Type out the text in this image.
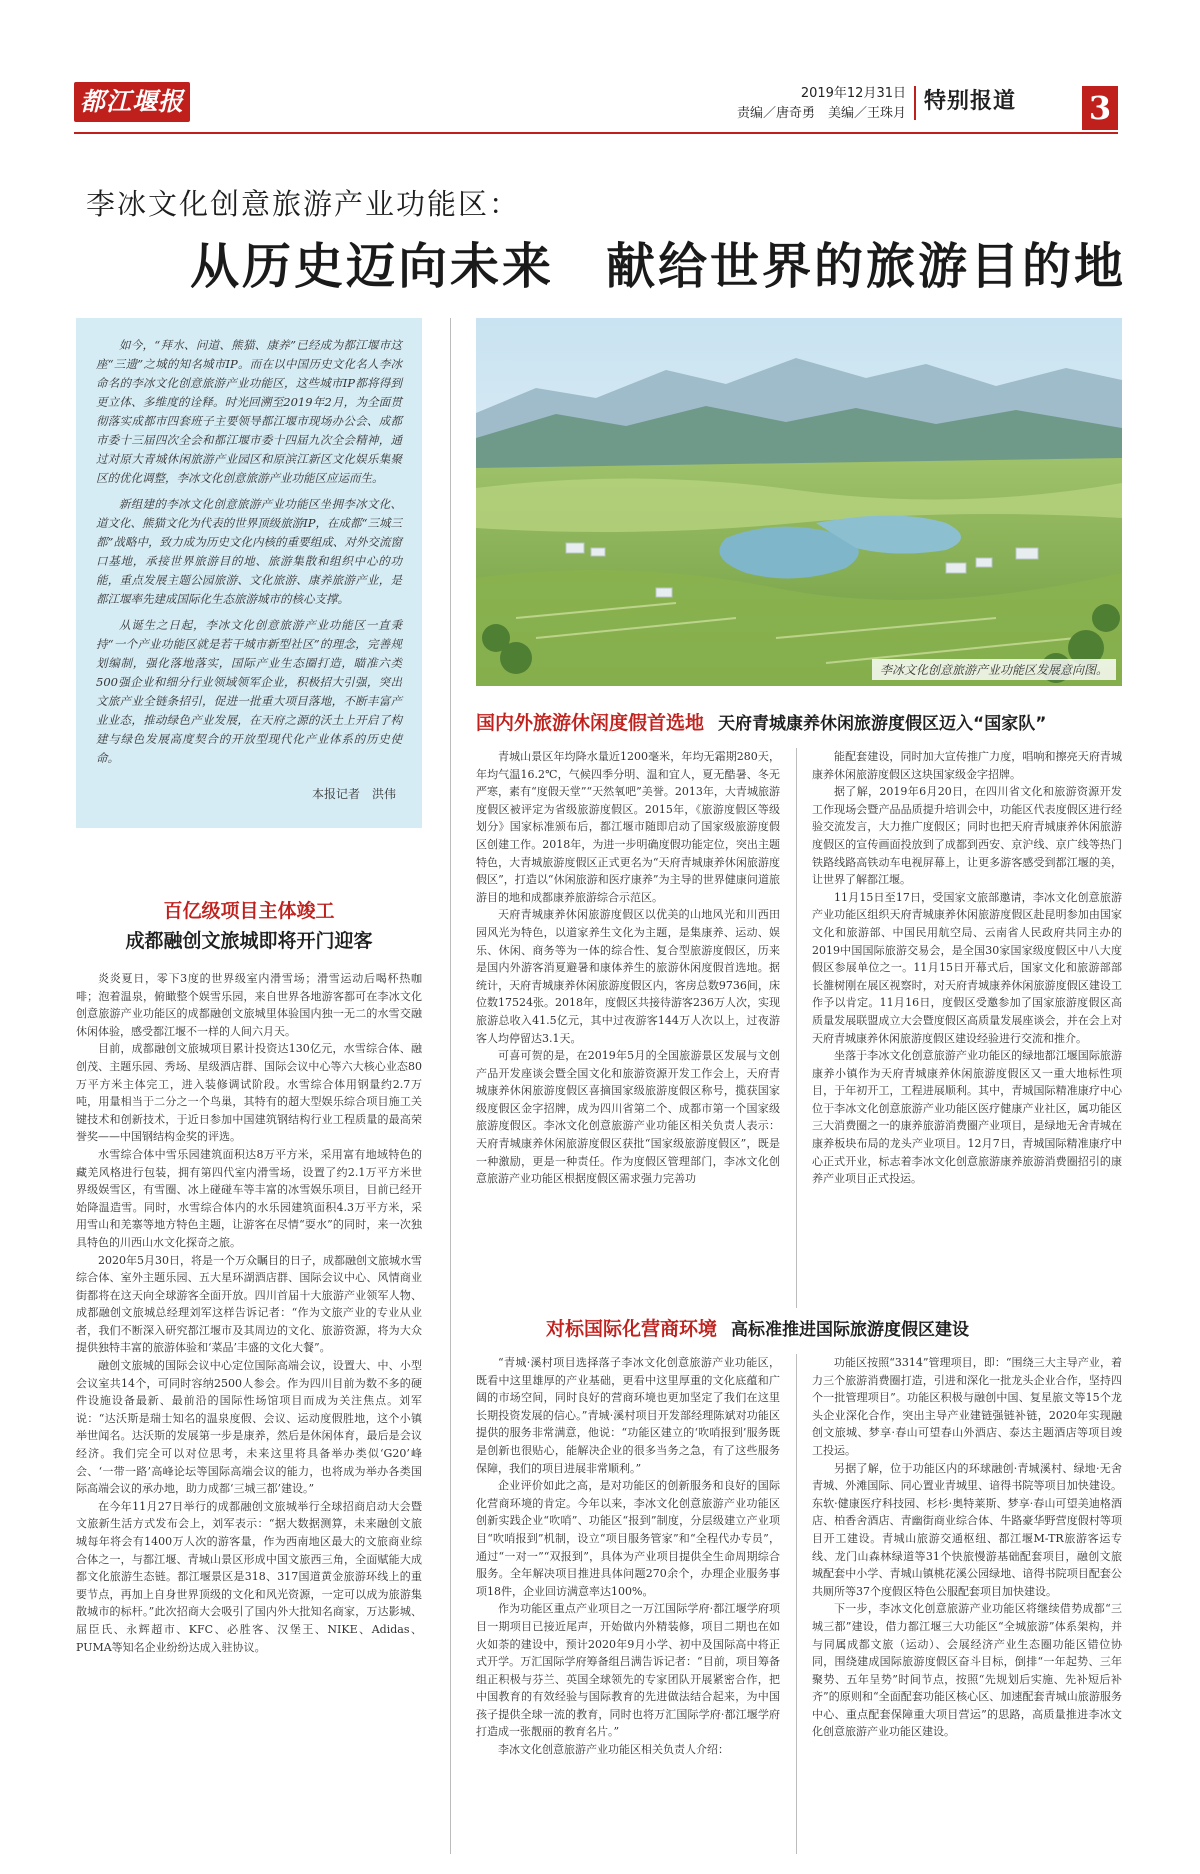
都江堰报	2019年12月31日
责编／唐奇勇　美编／王珠月 特别报道 3
李冰文化创意旅游产业功能区：
从历史迈向未来　献给世界的旅游目的地

如今，“拜水、问道、熊猫、康养”已经成为都江堰市这座“三遗”之城的知名城市IP。而在以中国历史文化名人李冰命名的李冰文化创意旅游产业功能区，这些城市IP都将得到更立体、多维度的诠释。时光回溯至2019年2月，为全面贯彻落实成都市四套班子主要领导都江堰市现场办公会、成都市委十三届四次全会和都江堰市委十四届九次全会精神，通过对原大青城休闲旅游产业园区和原滨江新区文化娱乐集聚区的优化调整，李冰文化创意旅游产业功能区应运而生。

新组建的李冰文化创意旅游产业功能区坐拥李冰文化、道文化、熊猫文化为代表的世界顶级旅游IP，在成都“三城三都”战略中，致力成为历史文化内核的重要组成、对外交流窗口基地，承接世界旅游目的地、旅游集散和组织中心的功能，重点发展主题公园旅游、文化旅游、康养旅游产业，是都江堰率先建成国际化生态旅游城市的核心支撑。

从诞生之日起，李冰文化创意旅游产业功能区一直秉持“一个产业功能区就是若干城市新型社区”的理念，完善规划编制，强化落地落实，国际产业生态圈打造，瞄准六类500强企业和细分行业领域领军企业，积极招大引强，突出文旅产业全链条招引，促进一批重大项目落地，不断丰富产业业态，推动绿色产业发展，在天府之源的沃土上开启了构建与绿色发展高度契合的开放型现代化产业体系的历史使命。

本报记者　洪伟
李冰文化创意旅游产业功能区发展意向图。
国内外旅游休闲度假首选地 天府青城康养休闲旅游度假区迈入“国家队”

青城山景区年均降水量近1200毫米，年均无霜期280天，年均气温16.2℃，气候四季分明、温和宜人，夏无酷暑、冬无严寒，素有“度假天堂”“天然氧吧”美誉。2013年，大青城旅游度假区被评定为省级旅游度假区。2015年，《旅游度假区等级划分》国家标准颁布后，都江堰市随即启动了国家级旅游度假区创建工作。2018年，为进一步明确度假功能定位，突出主题特色，大青城旅游度假区正式更名为“天府青城康养休闲旅游度假区”，打造以“休闲旅游和医疗康养”为主导的世界健康问道旅游目的地和成都康养旅游综合示范区。

天府青城康养休闲旅游度假区以优美的山地风光和川西田园风光为特色，以道家养生文化为主题，是集康养、运动、娱乐、休闲、商务等为一体的综合性、复合型旅游度假区，历来是国内外游客消夏避暑和康体养生的旅游休闲度假首选地。据统计，天府青城康养休闲旅游度假区内，客房总数9736间，床位数17524张。2018年，度假区共接待游客236万人次，实现旅游总收入41.5亿元，其中过夜游客144万人次以上，过夜游客人均停留达3.1天。

可喜可贺的是，在2019年5月的全国旅游景区发展与文创产品开发座谈会暨全国文化和旅游资源开发工作会上，天府青城康养休闲旅游度假区喜摘国家级旅游度假区称号，揽获国家级度假区金字招牌，成为四川省第二个、成都市第一个国家级旅游度假区。李冰文化创意旅游产业功能区相关负责人表示：天府青城康养休闲旅游度假区获批“国家级旅游度假区”，既是一种激励，更是一种责任。作为度假区管理部门，李冰文化创意旅游产业功能区根据度假区需求强力完善功

能配套建设，同时加大宣传推广力度，唱响和擦亮天府青城康养休闲旅游度假区这块国家级金字招牌。

据了解，2019年6月20日，在四川省文化和旅游资源开发工作现场会暨产品品质提升培训会中，功能区代表度假区进行经验交流发言，大力推广度假区；同时也把天府青城康养休闲旅游度假区的宣传画面投放到了成都到西安、京沪线、京广线等热门铁路线路高铁动车电视屏幕上，让更多游客感受到都江堰的美，让世界了解都江堰。

11月15日至17日，受国家文旅部邀请，李冰文化创意旅游产业功能区组织天府青城康养休闲旅游度假区赴昆明参加由国家文化和旅游部、中国民用航空局、云南省人民政府共同主办的2019中国国际旅游交易会，是全国30家国家级度假区中八大度假区参展单位之一。11月15日开幕式后，国家文化和旅游部部长雒树刚在展区视察时，对天府青城康养休闲旅游度假区建设工作予以肯定。11月16日，度假区受邀参加了国家旅游度假区高质量发展联盟成立大会暨度假区高质量发展座谈会，并在会上对天府青城康养休闲旅游度假区建设经验进行交流和推介。

坐落于李冰文化创意旅游产业功能区的绿地都江堰国际旅游康养小镇作为天府青城康养休闲旅游度假区又一重大地标性项目，于年初开工，工程进展顺利。其中，青城国际精准康疗中心位于李冰文化创意旅游产业功能区医疗健康产业社区，属功能区三大消费圈之一的康养旅游消费圈产业项目，是绿地无舍青城在康养板块布局的龙头产业项目。12月7日，青城国际精准康疗中心正式开业，标志着李冰文化创意旅游康养旅游消费圈招引的康养产业项目正式投运。

对标国际化营商环境 高标准推进国际旅游度假区建设

“青城·溪村项目选择落子李冰文化创意旅游产业功能区，既看中这里雄厚的产业基础，更看中这里厚重的文化底蕴和广阔的市场空间，同时良好的营商环境也更加坚定了我们在这里长期投资发展的信心。”青城·溪村项目开发部经理陈斌对功能区提供的服务非常满意，他说：“功能区建立的‘吹哨报到’服务既是创新也很贴心，能解决企业的很多当务之急，有了这些服务保障，我们的项目进展非常顺利。”

企业评价如此之高，是对功能区的创新服务和良好的国际化营商环境的肯定。今年以来，李冰文化创意旅游产业功能区创新实践企业“吹哨”、功能区“报到”制度，分层级建立产业项目“吹哨报到”机制，设立“项目服务管家”和“全程代办专员”，通过“一对一”“双报到”，具体为产业项目提供全生命周期综合服务。全年解决项目推进具体问题270余个，办理企业服务事项18件，企业回访满意率达100%。

作为功能区重点产业项目之一万江国际学府·都江堰学府项目一期项目已接近尾声，开始做内外精装修，项目二期也在如火如荼的建设中，预计2020年9月小学、初中及国际高中将正式开学。万汇国际学府筹备组吕满告诉记者：“目前，项目筹备组正积极与芬兰、英国全球领先的专家团队开展紧密合作，把中国教育的有效经验与国际教育的先进做法结合起来，为中国孩子提供全球一流的教育，同时也将万汇国际学府·都江堰学府打造成一张靓丽的教育名片。”

李冰文化创意旅游产业功能区相关负责人介绍：

功能区按照“3314”管理项目，即：“围绕三大主导产业，着力三个旅游消费圈打造，引进和深化一批龙头企业合作，坚持四个一批管理项目”。功能区积极与融创中国、复星旅文等15个龙头企业深化合作，突出主导产业建链强链补链，2020年实现融创文旅城、梦享·春山可望春山外酒店、泰达主题酒店等项目竣工投运。

另据了解，位于功能区内的环球融创·青城溪村、绿地·无舍青城、外滩国际、同心置业青城里、谙得书院等项目加快建设。东软·健康医疗科技园、杉杉·奥特莱斯、梦享·春山可望美迪格酒店、柏香舍酒店、青幽街商业综合体、牛路豪华野营度假村等项目开工建设。青城山旅游交通枢纽、都江堰M-TR旅游客运专线、龙门山森林绿道等31个快旅慢游基础配套项目，融创文旅城配套中小学、青城山镇桃花溪公园绿地、谙得书院项目配套公共厕所等37个度假区特色公服配套项目加快建设。

下一步，李冰文化创意旅游产业功能区将继续借势成都“三城三都”建设，借力都江堰三大功能区“全城旅游”体系架构，并与同属成都文旅（运动）、会展经济产业生态圈功能区错位协同，围绕建成国际旅游度假区奋斗目标，倒排“一年起势、三年聚势、五年呈势”时间节点，按照“先规划后实施、先补短后补齐”的原则和“全面配套功能区核心区、加速配套青城山旅游服务中心、重点配套保障重大项目营运”的思路，高质量推进李冰文化创意旅游产业功能区建设。

百亿级项目主体竣工
成都融创文旅城即将开门迎客

炎炎夏日，零下3度的世界级室内滑雪场；滑雪运动后喝杯热咖啡；泡着温泉，俯瞰整个娱雪乐园，来自世界各地游客都可在李冰文化创意旅游产业功能区的成都融创文旅城里体验国内独一无二的水雪交融休闲体验，感受都江堰不一样的人间六月天。

目前，成都融创文旅城项目累计投资达130亿元，水雪综合体、融创茂、主题乐园、秀场、星级酒店群、国际会议中心等六大核心业态80万平方米主体完工，进入装修调试阶段。水雪综合体用钢量约2.7万吨，用量相当于二分之一个鸟巢，其特有的超大型娱乐综合项目施工关键技术和创新技术，于近日参加中国建筑钢结构行业工程质量的最高荣誉奖——中国钢结构金奖的评选。

水雪综合体中雪乐园建筑面积达8万平方米，采用富有地域特色的藏羌风格进行包装，拥有第四代室内滑雪场，设置了约2.1万平方米世界级娱雪区，有雪圈、冰上碰碰车等丰富的冰雪娱乐项目，目前已经开始降温造雪。同时，水雪综合体内的水乐园建筑面积4.3万平方米，采用雪山和羌寨等地方特色主题，让游客在尽情“耍水”的同时，来一次独具特色的川西山水文化探奇之旅。

2020年5月30日，将是一个万众瞩目的日子，成都融创文旅城水雪综合体、室外主题乐园、五大星环湖酒店群、国际会议中心、风情商业街都将在这天向全球游客全面开放。四川首届十大旅游产业领军人物、成都融创文旅城总经理刘军这样告诉记者：“作为文旅产业的专业从业者，我们不断深入研究都江堰市及其周边的文化、旅游资源，将为大众提供独特丰富的旅游体验和‘菜品’丰盛的文化大餐”。

融创文旅城的国际会议中心定位国际高端会议，设置大、中、小型会议室共14个，可同时容纳2500人参会。作为四川目前为数不多的硬件设施设备最新、最前沿的国际性场馆项目而成为关注焦点。刘军说：“达沃斯是瑞士知名的温泉度假、会议、运动度假胜地，这个小镇举世闻名。达沃斯的发展第一步是康养，然后是休闲体育，最后是会议经济。我们完全可以对位思考，未来这里将具备举办类似‘G20’峰会、‘一带一路’高峰论坛等国际高端会议的能力，也将成为举办各类国际高端会议的承办地，助力成都‘三城三都’建设。”

在今年11月27日举行的成都融创文旅城举行全球招商启动大会暨文旅新生活方式发布会上，刘军表示：“据大数据测算，未来融创文旅城每年将会有1400万人次的游客量，作为西南地区最大的文旅商业综合体之一，与都江堰、青城山景区形成中国文旅西三角，全面赋能大成都文化旅游生态链。都江堰景区是318、317国道黄金旅游环线上的重要节点，再加上自身世界顶级的文化和风光资源，一定可以成为旅游集散城市的标杆。”此次招商大会吸引了国内外大批知名商家，万达影城、屈臣氏、永辉超市、KFC、必胜客、汉堡王、NIKE、Adidas、PUMA等知名企业纷纷达成入驻协议。
